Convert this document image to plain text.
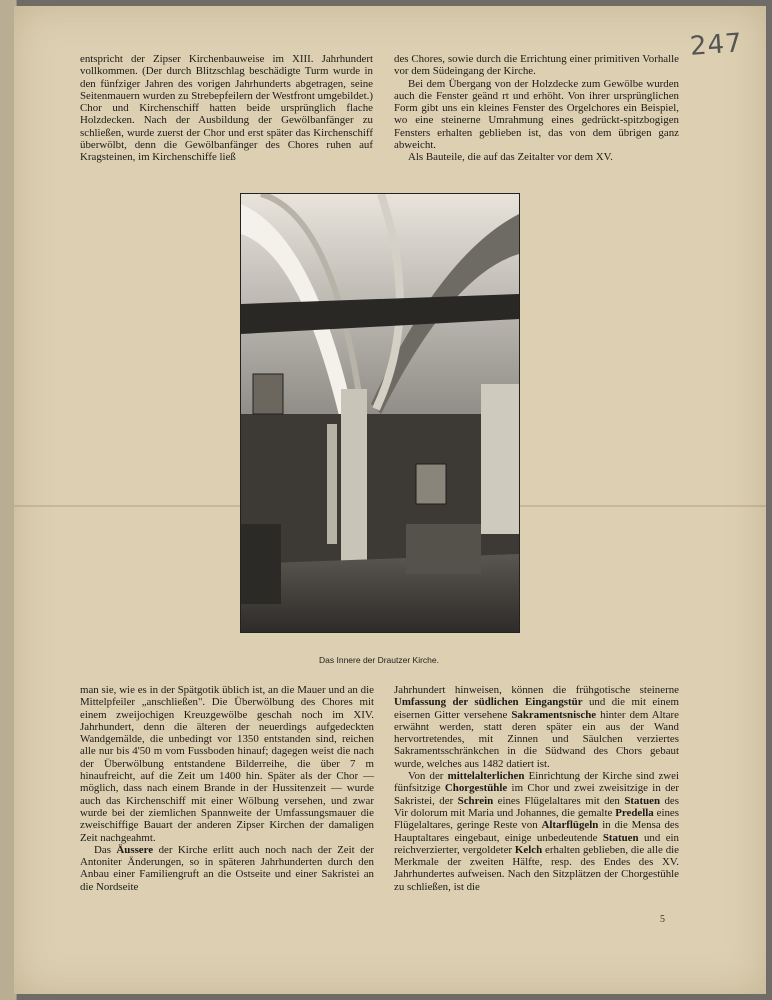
247

entspricht der Zipser Kirchenbauweise im XIII. Jahrhundert vollkommen. (Der durch Blitzschlag beschädigte Turm wurde in den fünfziger Jahren des vorigen Jahrhunderts abgetragen, seine Seitenmauern wurden zu Strebepfeilern der Westfront umgebildet.) Chor und Kirchenschiff hatten beide ursprünglich flache Holzdecken. Nach der Ausbildung der Gewölbanfänger zu schließen, wurde zuerst der Chor und erst später das Kirchenschiff überwölbt, denn die Gewölbanfänger des Chores ruhen auf Kragsteinen, im Kirchenschiffe ließ

des Chores, sowie durch die Errichtung einer primitiven Vorhalle vor dem Südeingang der Kirche.

Bei dem Übergang von der Holzdecke zum Gewölbe wurden auch die Fenster geänd rt und erhöht. Von ihrer ursprünglichen Form gibt uns ein kleines Fenster des Orgelchores ein Beispiel, wo eine steinerne Umrahmung eines gedrückt-spitzbogigen Fensters erhalten geblieben ist, das von dem übrigen ganz abweicht.

Als Bauteile, die auf das Zeitalter vor dem XV.

Das Innere der Drautzer Kirche.

man sie, wie es in der Spätgotik üblich ist, an die Mauer und an die Mittelpfeiler „anschließen". Die Überwölbung des Chores mit einem zweijochigen Kreuzgewölbe geschah noch im XIV. Jahrhundert, denn die älteren der neuerdings aufgedeckten Wandgemälde, die unbedingt vor 1350 entstanden sind, reichen alle nur bis 4'50 m vom Fussboden hinauf; dagegen weist die nach der Überwölbung entstandene Bilderreihe, die über 7 m hinaufreicht, auf die Zeit um 1400 hin. Später als der Chor — möglich, dass nach einem Brande in der Hussitenzeit — wurde auch das Kirchenschiff mit einer Wölbung versehen, und zwar wurde bei der ziemlichen Spannweite der Umfassungsmauer die zweischiffige Bauart der anderen Zipser Kirchen der damaligen Zeit nachgeahmt.

Das Äussere der Kirche erlitt auch noch nach der Zeit der Antoniter Änderungen, so in späteren Jahrhunderten durch den Anbau einer Familiengruft an die Ostseite und einer Sakristei an die Nordseite

Jahrhundert hinweisen, können die frühgotische steinerne Umfassung der südlichen Eingangstür und die mit einem eisernen Gitter versehene Sakramentsnische hinter dem Altare erwähnt werden, statt deren später ein aus der Wand hervortretendes, mit Zinnen und Säulchen verziertes Sakramentsschränkchen in die Südwand des Chors gebaut wurde, welches aus 1482 datiert ist.

Von der mittelalterlichen Einrichtung der Kirche sind zwei fünfsitzige Chorgestühle im Chor und zwei zweisitzige in der Sakristei, der Schrein eines Flügelaltares mit den Statuen des Vir dolorum mit Maria und Johannes, die gemalte Predella eines Flügelaltares, geringe Reste von Altarflügeln in die Mensa des Hauptaltares eingebaut, einige unbedeutende Statuen und ein reichverzierter, vergoldeter Kelch erhalten geblieben, die alle die Merkmale der zweiten Hälfte, resp. des Endes des XV. Jahrhundertes aufweisen. Nach den Sitzplätzen der Chorgestühle zu schließen, ist die

5
